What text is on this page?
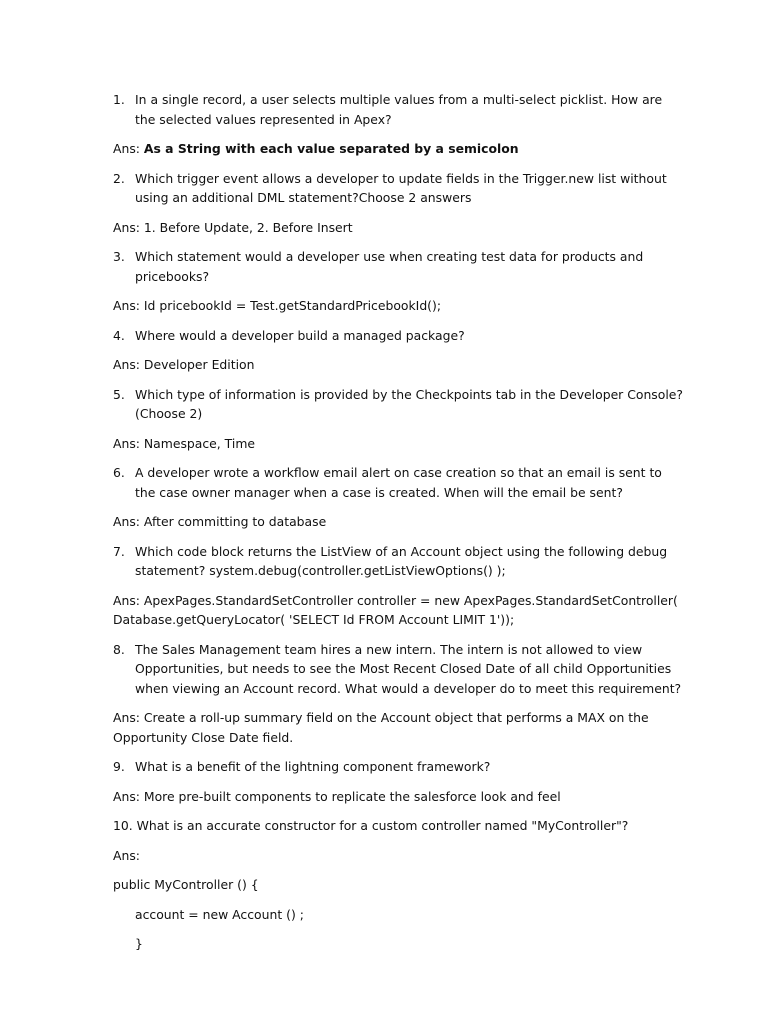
1. In a single record, a user selects multiple values from a multi-select picklist. How are the selected values represented in Apex?
Ans: As a String with each value separated by a semicolon
2. Which trigger event allows a developer to update fields in the Trigger.new list without using an additional DML statement?Choose 2 answers
Ans: 1. Before Update, 2. Before Insert
3. Which statement would a developer use when creating test data for products and pricebooks?
Ans: Id pricebookId = Test.getStandardPricebookId();
4. Where would a developer build a managed package?
Ans: Developer Edition
5. Which type of information is provided by the Checkpoints tab in the Developer Console? (Choose 2)
Ans: Namespace, Time
6. A developer wrote a workflow email alert on case creation so that an email is sent to the case owner manager when a case is created. When will the email be sent?
Ans: After committing to database
7. Which code block returns the ListView of an Account object using the following debug statement? system.debug(controller.getListViewOptions() );
Ans: ApexPages.StandardSetController controller = new ApexPages.StandardSetController( Database.getQueryLocator( 'SELECT Id FROM Account LIMIT 1'));
8. The Sales Management team hires a new intern. The intern is not allowed to view Opportunities, but needs to see the Most Recent Closed Date of all child Opportunities when viewing an Account record. What would a developer do to meet this requirement?
Ans: Create a roll-up summary field on the Account object that performs a MAX on the Opportunity Close Date field.
9. What is a benefit of the lightning component framework?
Ans: More pre-built components to replicate the salesforce look and feel
10. What is an accurate constructor for a custom controller named "MyController"?
Ans:
public MyController () {
account = new Account () ;
}
